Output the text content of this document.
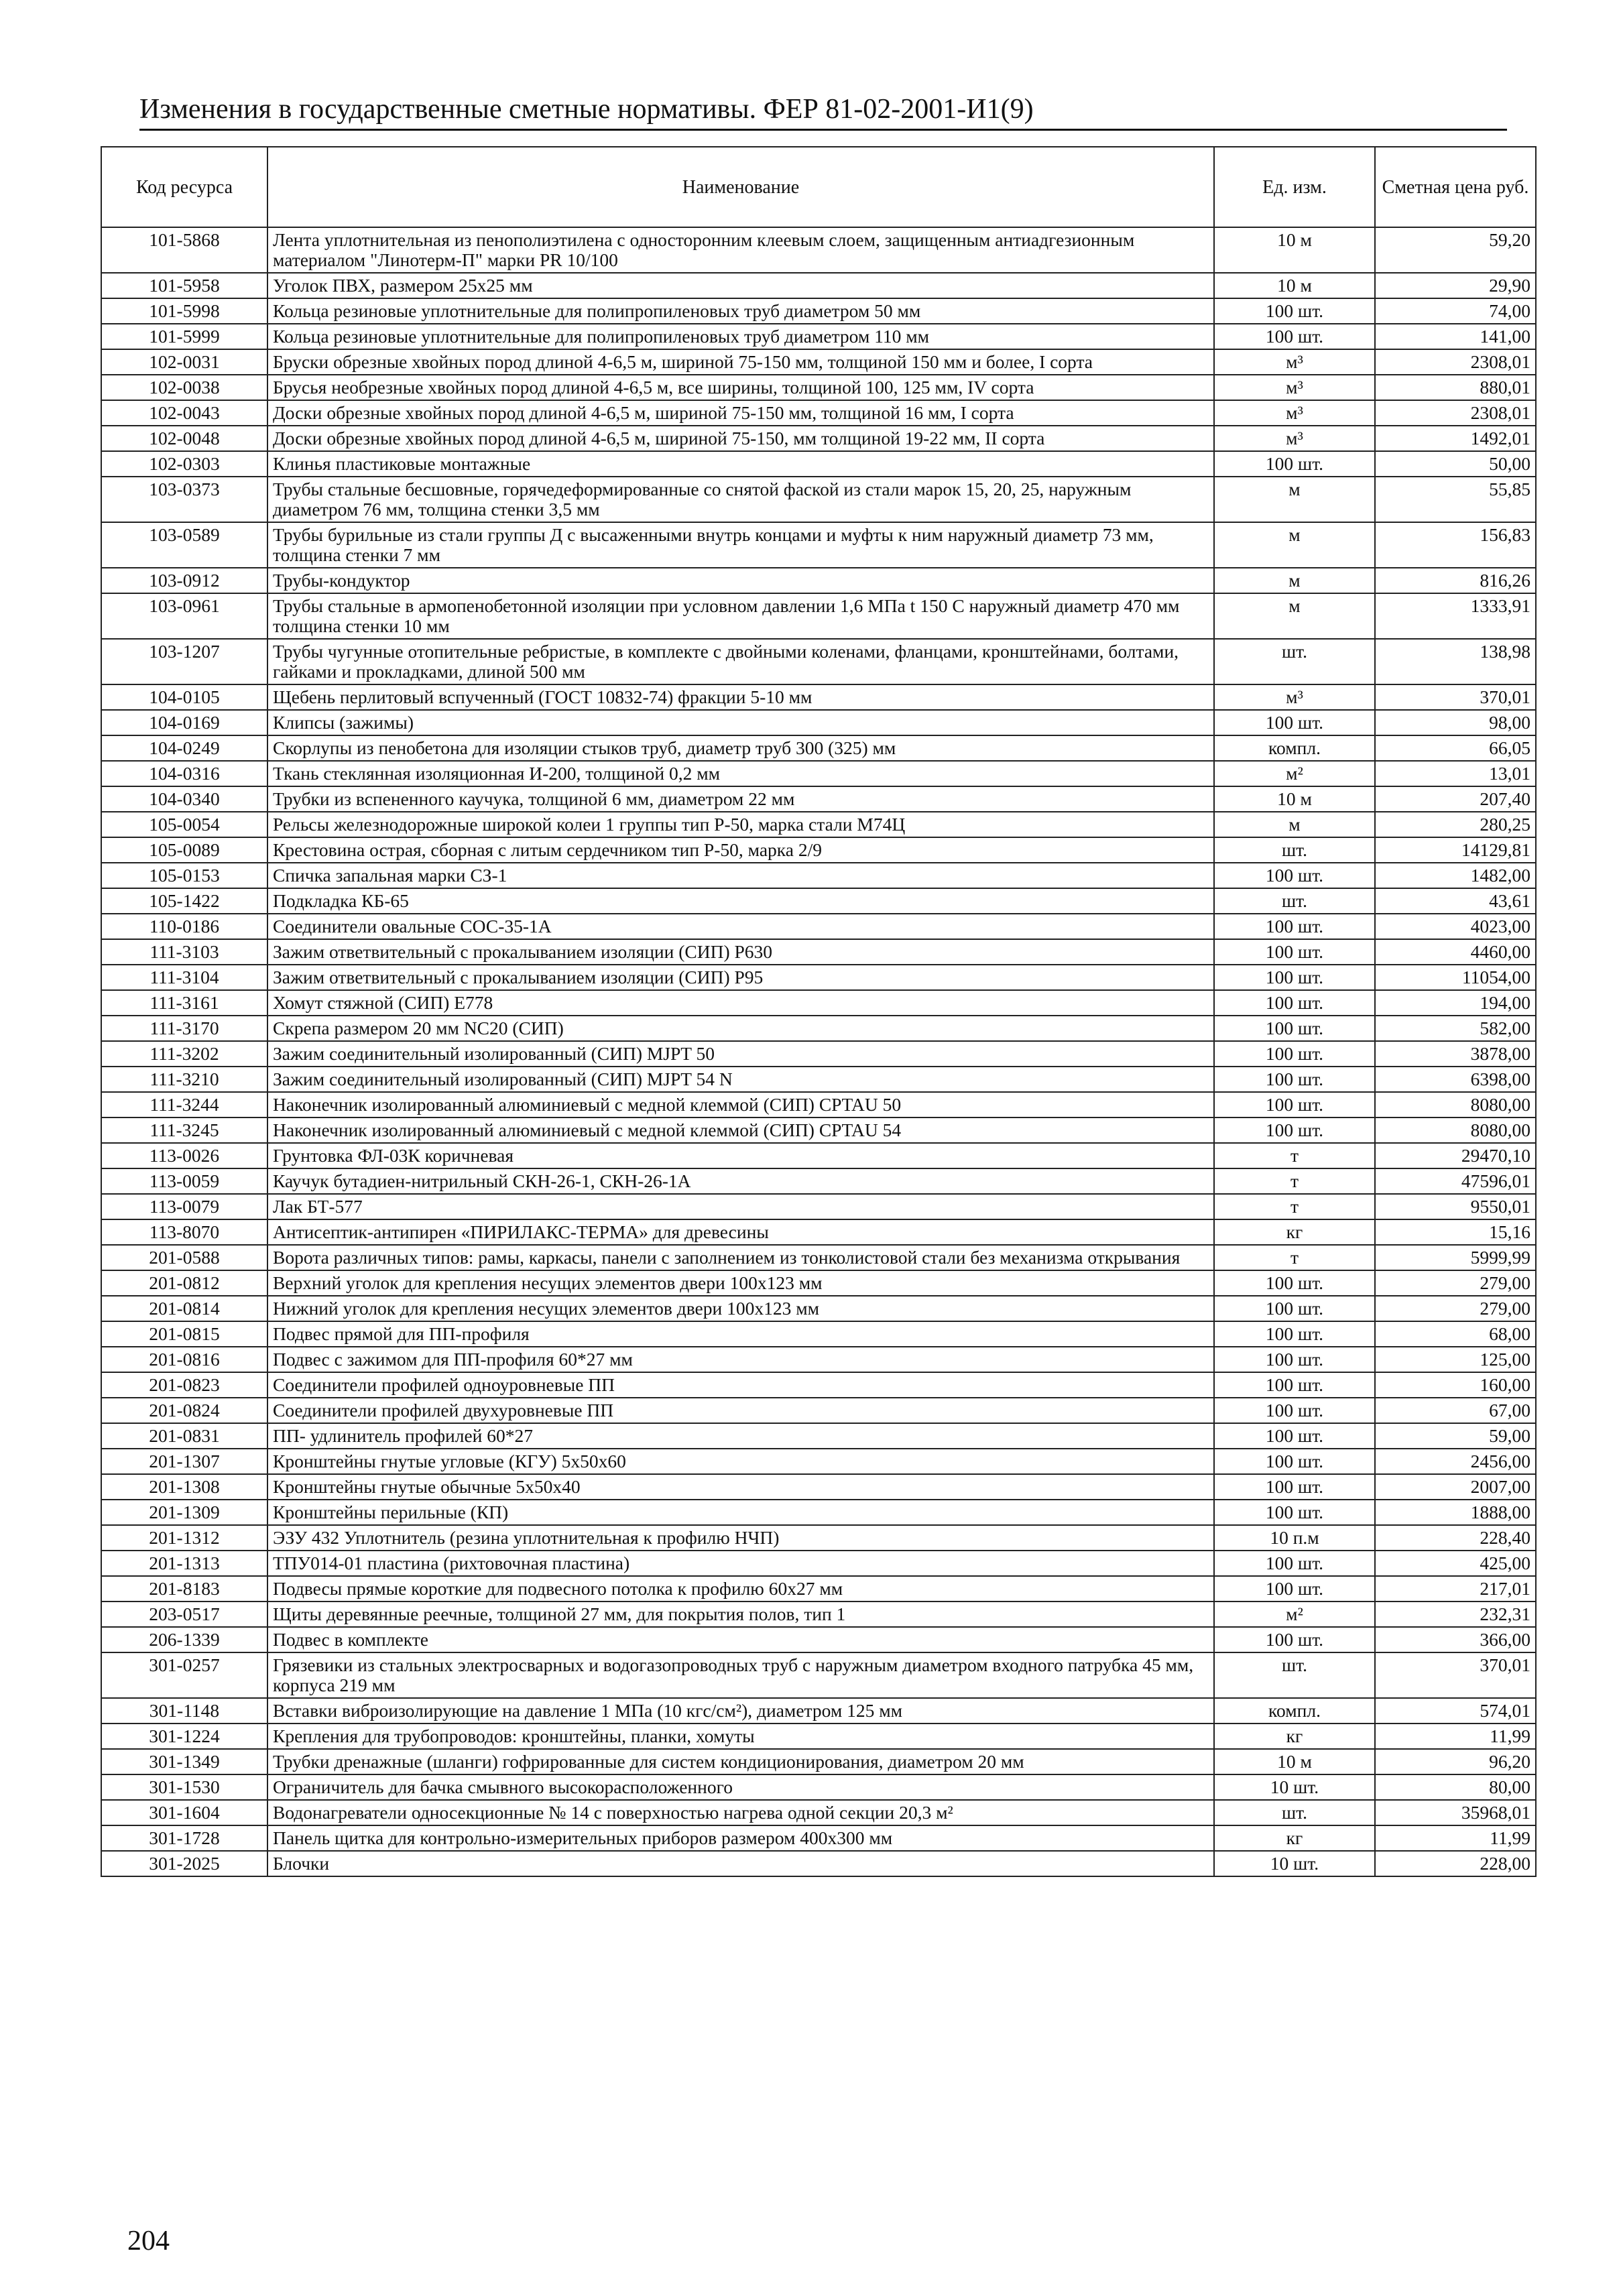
Изменения в государственные сметные нормативы. ФЕР 81-02-2001-И1(9)
Код ресурса	Наименование	Ед. изм.	Сметная цена руб.
101-5868	Лента уплотнительная из пенополиэтилена с односторонним клеевым слоем, защищенным антиадгезионным материалом "Линотерм-П" марки PR 10/100	10 м	59,20
101-5958	Уголок ПВХ, размером 25х25 мм	10 м	29,90
101-5998	Кольца резиновые уплотнительные для полипропиленовых труб диаметром 50 мм	100 шт.	74,00
101-5999	Кольца резиновые уплотнительные для полипропиленовых труб диаметром 110 мм	100 шт.	141,00
102-0031	Бруски обрезные хвойных пород длиной 4-6,5 м, шириной 75-150 мм, толщиной 150 мм и более, I сорта	м³	2308,01
102-0038	Брусья необрезные хвойных пород длиной 4-6,5 м, все ширины, толщиной 100, 125 мм, IV сорта	м³	880,01
102-0043	Доски обрезные хвойных пород длиной 4-6,5 м, шириной 75-150 мм, толщиной 16 мм, I сорта	м³	2308,01
102-0048	Доски обрезные хвойных пород длиной 4-6,5 м, шириной 75-150, мм толщиной 19-22 мм, II сорта	м³	1492,01
102-0303	Клинья пластиковые монтажные	100 шт.	50,00
103-0373	Трубы стальные бесшовные, горячедеформированные со снятой фаской из стали марок 15, 20, 25, наружным диаметром 76 мм, толщина стенки 3,5 мм	м	55,85
103-0589	Трубы бурильные из стали группы Д с высаженными внутрь концами и муфты к ним наружный диаметр 73 мм, толщина стенки 7 мм	м	156,83
103-0912	Трубы-кондуктор	м	816,26
103-0961	Трубы стальные в армопенобетонной изоляции при условном давлении 1,6 МПа t 150 С наружный диаметр 470 мм толщина стенки 10 мм	м	1333,91
103-1207	Трубы чугунные отопительные ребристые, в комплекте с двойными коленами, фланцами, кронштейнами, болтами, гайками и прокладками, длиной 500 мм	шт.	138,98
104-0105	Щебень перлитовый вспученный (ГОСТ 10832-74) фракции 5-10 мм	м³	370,01
104-0169	Клипсы (зажимы)	100 шт.	98,00
104-0249	Скорлупы из пенобетона для изоляции стыков труб, диаметр труб 300 (325) мм	компл.	66,05
104-0316	Ткань стеклянная изоляционная И-200, толщиной 0,2 мм	м²	13,01
104-0340	Трубки из вспененного каучука, толщиной 6 мм, диаметром 22 мм	10 м	207,40
105-0054	Рельсы железнодорожные широкой колеи 1 группы тип Р-50, марка стали М74Ц	м	280,25
105-0089	Крестовина острая, сборная с литым сердечником тип Р-50, марка 2/9	шт.	14129,81
105-0153	Спичка запальная марки СЗ-1	100 шт.	1482,00
105-1422	Подкладка КБ-65	шт.	43,61
110-0186	Соединители овальные СОС-35-1А	100 шт.	4023,00
111-3103	Зажим ответвительный с прокалыванием изоляции (СИП) Р630	100 шт.	4460,00
111-3104	Зажим ответвительный с прокалыванием изоляции (СИП) Р95	100 шт.	11054,00
111-3161	Хомут стяжной (СИП) Е778	100 шт.	194,00
111-3170	Скрепа размером 20 мм NC20 (СИП)	100 шт.	582,00
111-3202	Зажим соединительный изолированный (СИП) MJPT 50	100 шт.	3878,00
111-3210	Зажим соединительный изолированный (СИП) MJPT 54 N	100 шт.	6398,00
111-3244	Наконечник изолированный алюминиевый с медной клеммой (СИП) CPTAU 50	100 шт.	8080,00
111-3245	Наконечник изолированный алюминиевый с медной клеммой (СИП) CPTAU 54	100 шт.	8080,00
113-0026	Грунтовка ФЛ-03К коричневая	т	29470,10
113-0059	Каучук бутадиен-нитрильный СКН-26-1, СКН-26-1А	т	47596,01
113-0079	Лак БТ-577	т	9550,01
113-8070	Антисептик-антипирен «ПИРИЛАКС-ТЕРМА» для древесины	кг	15,16
201-0588	Ворота различных типов: рамы, каркасы, панели с заполнением из тонколистовой стали без механизма открывания	т	5999,99
201-0812	Верхний уголок для крепления несущих элементов двери 100х123 мм	100 шт.	279,00
201-0814	Нижний уголок для крепления несущих элементов двери 100х123 мм	100 шт.	279,00
201-0815	Подвес прямой для ПП-профиля	100 шт.	68,00
201-0816	Подвес с зажимом для ПП-профиля 60*27 мм	100 шт.	125,00
201-0823	Соединители профилей одноуровневые ПП	100 шт.	160,00
201-0824	Соединители профилей двухуровневые ПП	100 шт.	67,00
201-0831	ПП- удлинитель профилей 60*27	100 шт.	59,00
201-1307	Кронштейны гнутые угловые (КГУ) 5х50х60	100 шт.	2456,00
201-1308	Кронштейны гнутые обычные 5х50х40	100 шт.	2007,00
201-1309	Кронштейны перильные (КП)	100 шт.	1888,00
201-1312	ЭЗУ 432 Уплотнитель (резина уплотнительная к профилю НЧП)	10 п.м	228,40
201-1313	ТПУ014-01 пластина (рихтовочная пластина)	100 шт.	425,00
201-8183	Подвесы прямые короткие для подвесного потолка к профилю 60х27 мм	100 шт.	217,01
203-0517	Щиты деревянные реечные, толщиной 27 мм, для покрытия полов, тип 1	м²	232,31
206-1339	Подвес в комплекте	100 шт.	366,00
301-0257	Грязевики из стальных электросварных и водогазопроводных труб с наружным диаметром входного патрубка 45 мм, корпуса 219 мм	шт.	370,01
301-1148	Вставки виброизолирующие на давление 1 МПа (10 кгс/см²), диаметром 125 мм	компл.	574,01
301-1224	Крепления для трубопроводов: кронштейны, планки, хомуты	кг	11,99
301-1349	Трубки дренажные (шланги) гофрированные для систем кондиционирования, диаметром 20 мм	10 м	96,20
301-1530	Ограничитель для бачка смывного высокорасположенного	10 шт.	80,00
301-1604	Водонагреватели односекционные № 14 с поверхностью нагрева одной секции 20,3 м²	шт.	35968,01
301-1728	Панель щитка для контрольно-измерительных приборов размером 400х300 мм	кг	11,99
301-2025	Блочки	10 шт.	228,00
204
